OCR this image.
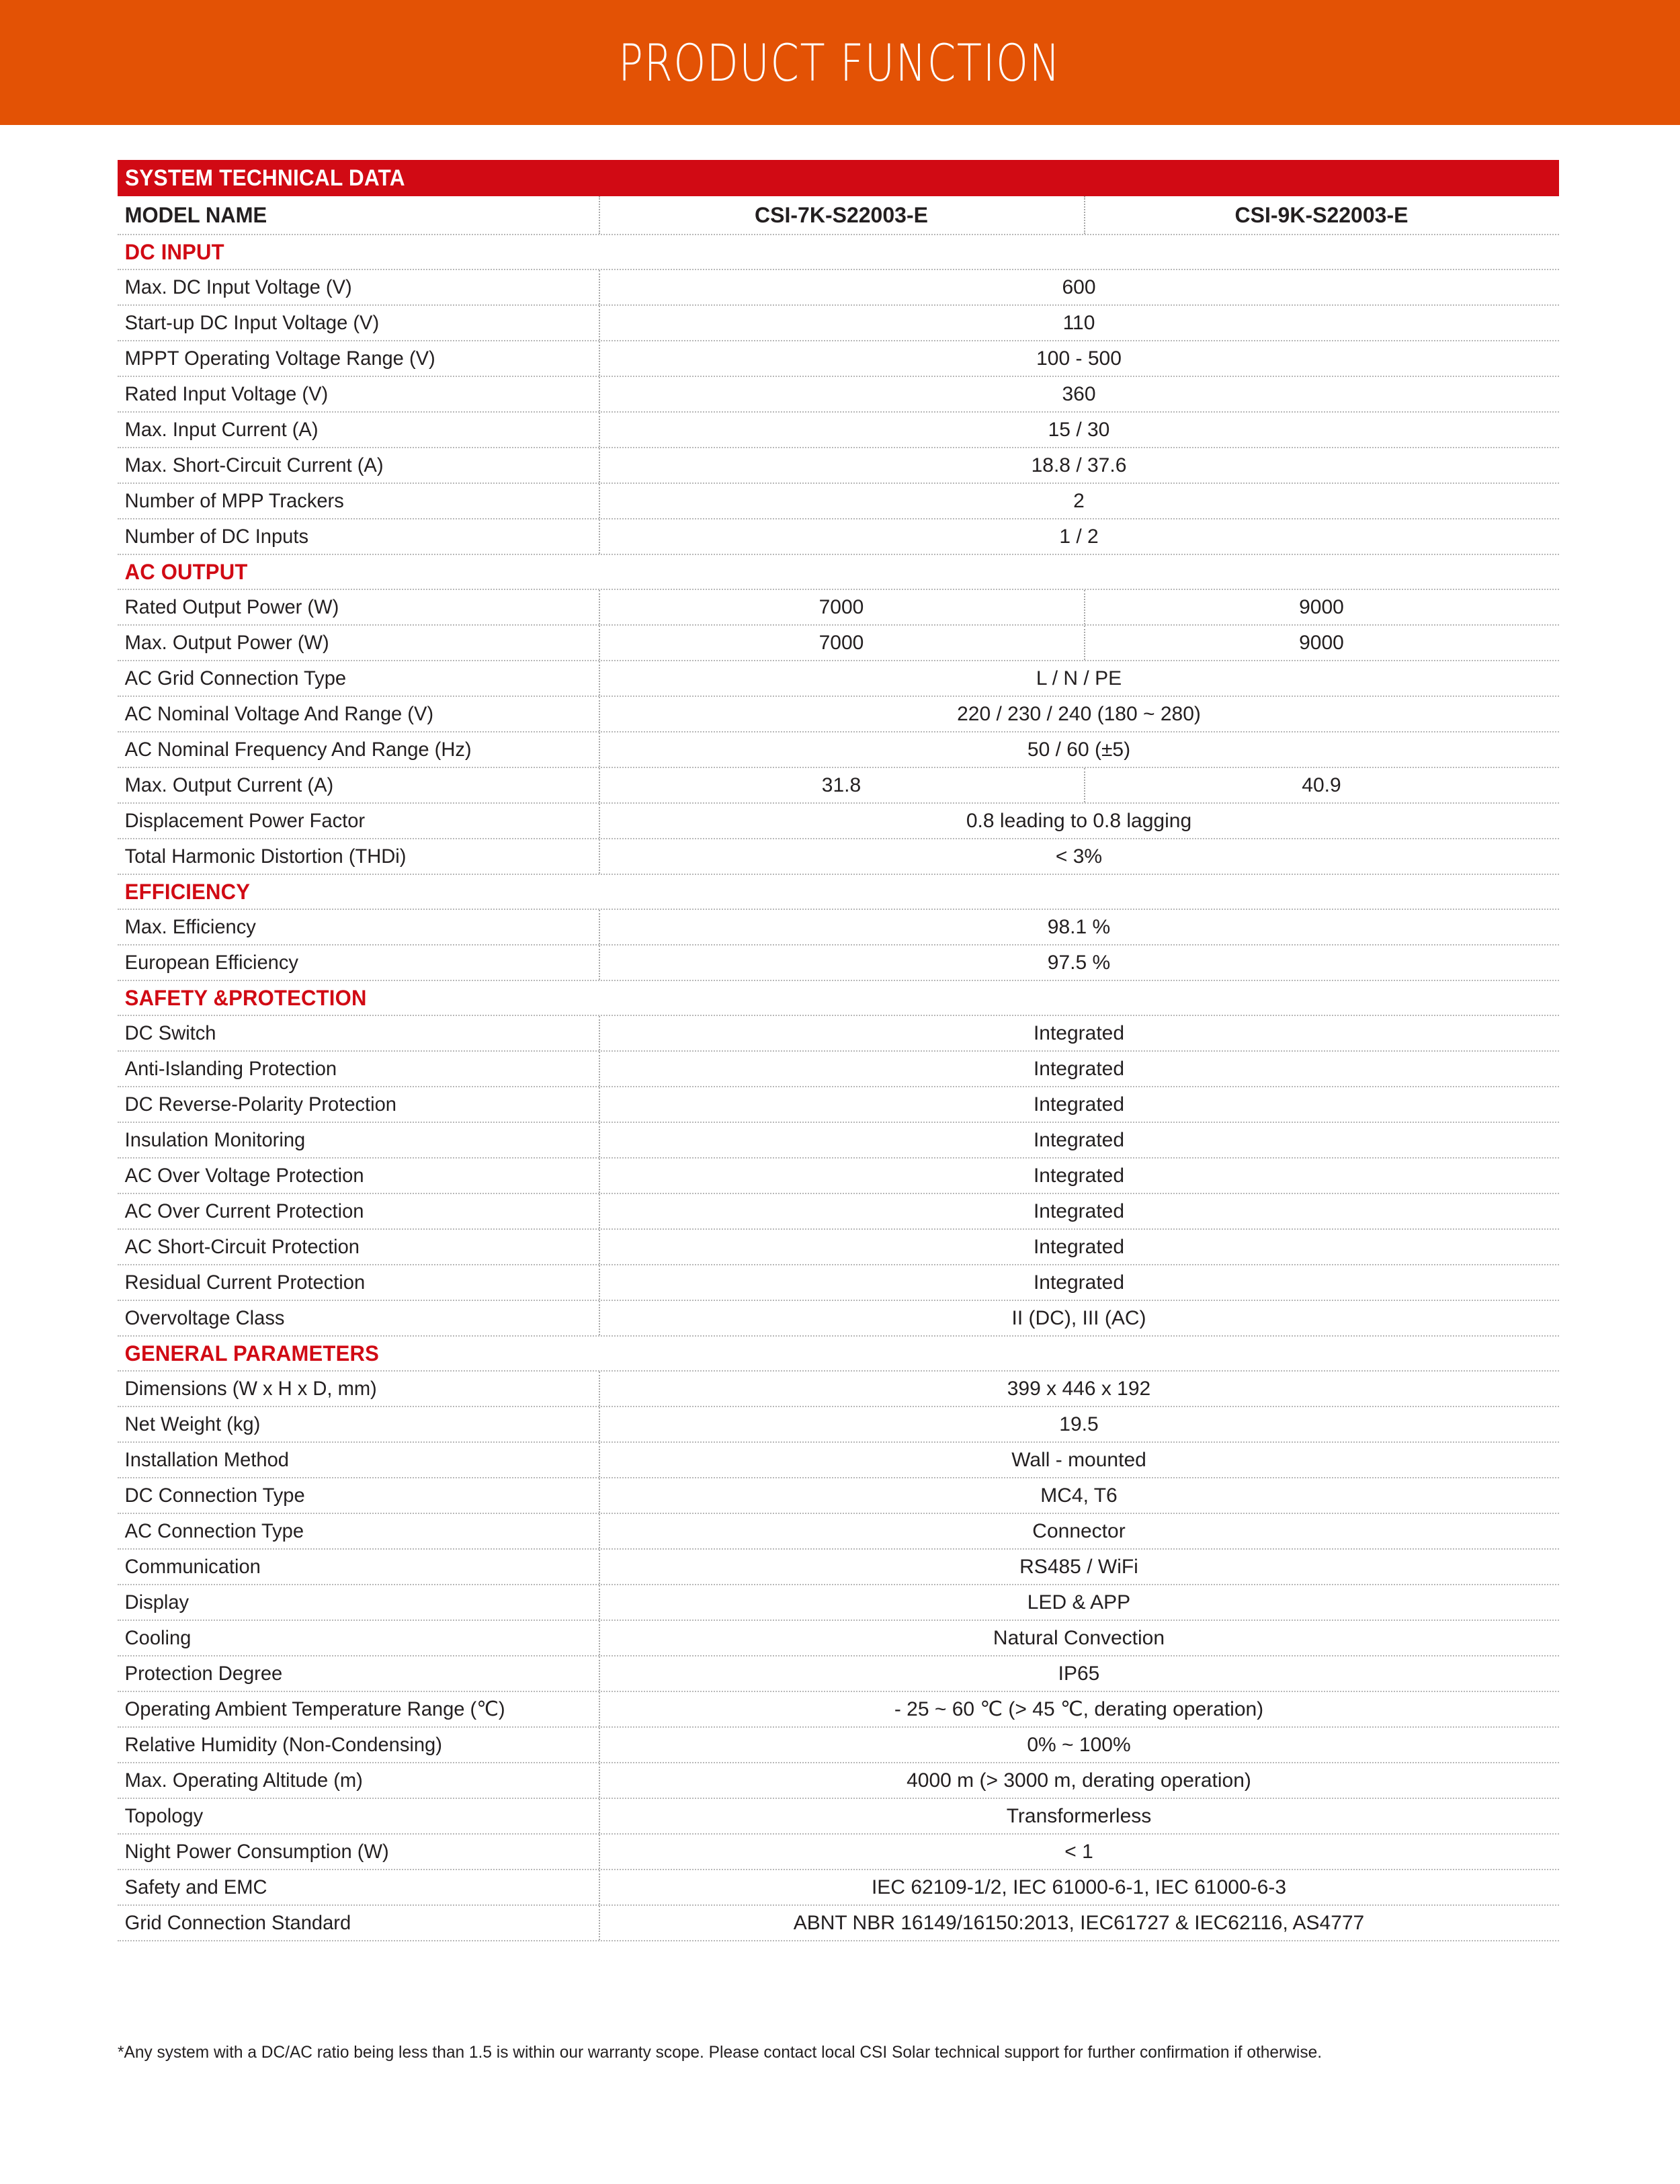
PRODUCT FUNCTION
SYSTEM TECHNICAL DATA
MODEL NAME	CSI-7K-S22003-E	CSI-9K-S22003-E
DC INPUT
Max. DC Input Voltage (V)	600
Start-up DC Input Voltage (V)	110
MPPT Operating Voltage Range (V)	100 - 500
Rated Input Voltage (V)	360
Max. Input Current (A)	15 / 30
Max. Short-Circuit Current (A)	18.8 / 37.6
Number of MPP Trackers	2
Number of DC Inputs	1 / 2
AC OUTPUT
Rated Output Power (W)	7000	9000
Max. Output Power (W)	7000	9000
AC Grid Connection Type	L / N / PE
AC Nominal Voltage And Range (V)	220 / 230 / 240 (180 ~ 280)
AC Nominal Frequency And Range (Hz)	50 / 60 (±5)
Max. Output Current (A)	31.8	40.9
Displacement Power Factor	0.8 leading to 0.8 lagging
Total Harmonic Distortion (THDi)	< 3%
EFFICIENCY
Max. Efficiency	98.1 %
European Efficiency	97.5 %
SAFETY &PROTECTION
DC Switch	Integrated
Anti-Islanding Protection	Integrated
DC Reverse-Polarity Protection	Integrated
Insulation Monitoring	Integrated
AC Over Voltage Protection	Integrated
AC Over Current Protection	Integrated
AC Short-Circuit Protection	Integrated
Residual Current Protection	Integrated
Overvoltage Class	II (DC), III (AC)
GENERAL PARAMETERS
Dimensions (W x H x D, mm)	399 x 446 x 192
Net Weight (kg)	19.5
Installation Method	Wall - mounted
DC Connection Type	MC4, T6
AC Connection Type	Connector
Communication	RS485 / WiFi
Display	LED & APP
Cooling	Natural Convection
Protection Degree	IP65
Operating Ambient Temperature Range (℃)	- 25 ~ 60 ℃ (> 45 ℃, derating operation)
Relative Humidity (Non-Condensing)	0% ~ 100%
Max. Operating Altitude (m)	4000 m (> 3000 m, derating operation)
Topology	Transformerless
Night Power Consumption (W)	< 1
Safety and EMC	IEC 62109-1/2, IEC 61000-6-1, IEC 61000-6-3
Grid Connection Standard	ABNT NBR 16149/16150:2013, IEC61727 & IEC62116, AS4777
*Any system with a DC/AC ratio being less than 1.5 is within our warranty scope. Please contact local CSI Solar technical support for further confirmation if otherwise.
